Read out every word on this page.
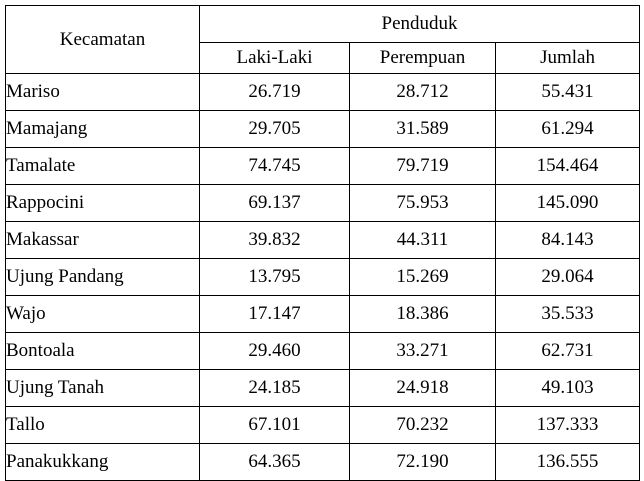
Kecamatan	Penduduk		
	Laki-Laki	Perempuan	Jumlah
Mariso	26.719	28.712	55.431
Mamajang	29.705	31.589	61.294
Tamalate	74.745	79.719	154.464
Rappocini	69.137	75.953	145.090
Makassar	39.832	44.311	84.143
Ujung Pandang	13.795	15.269	29.064
Wajo	17.147	18.386	35.533
Bontoala	29.460	33.271	62.731
Ujung Tanah	24.185	24.918	49.103
Tallo	67.101	70.232	137.333
Panakukkang	64.365	72.190	136.555
